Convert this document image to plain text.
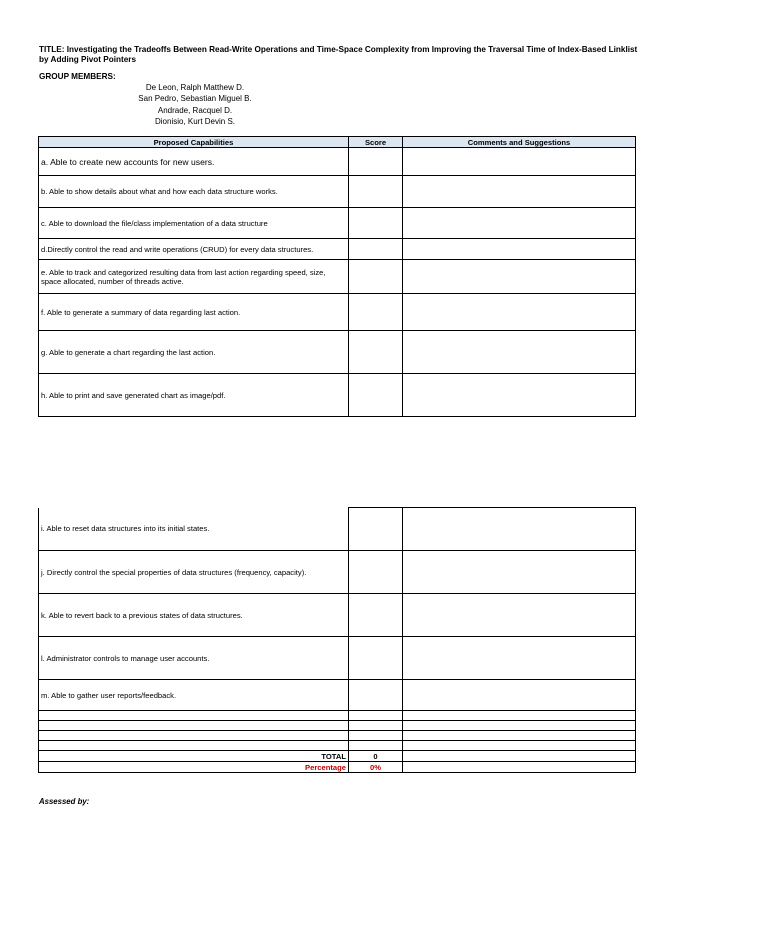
TITLE: Investigating the Tradeoffs Between Read-Write Operations and Time-Space Complexity from Improving the Traversal Time of Index-Based Linklist by Adding Pivot Pointers
GROUP MEMBERS:
De Leon, Ralph Matthew D.
San Pedro, Sebastian Miguel B.
Andrade, Racquel D.
Dionisio, Kurt Devin S.
Proposed Capabilities	Score	Comments and Suggestions
a. Able to create new accounts for new users.		
b. Able to show details about what and how each data structure works.		
c. Able to download the file/class implementation of a data structure		
d.Directly control the read and write operations (CRUD) for every data structures.		
e. Able to track and categorized resulting data from last action regarding speed, size, space allocated, number of threads active.		
f. Able to generate a summary of data regarding last action.		
g. Able to generate a chart regarding the last action.		
h. Able to print and save generated chart as image/pdf.		
i. Able to reset data structures into its initial states.		
j. Directly control the special properties of data structures (frequency, capacity).		
k. Able to revert back to a previous states of data structures.		
l. Administrator controls to manage user accounts.		
m. Able to gather user reports/feedback.		

TOTAL	0	
Percentage	0%	
Assessed by:
